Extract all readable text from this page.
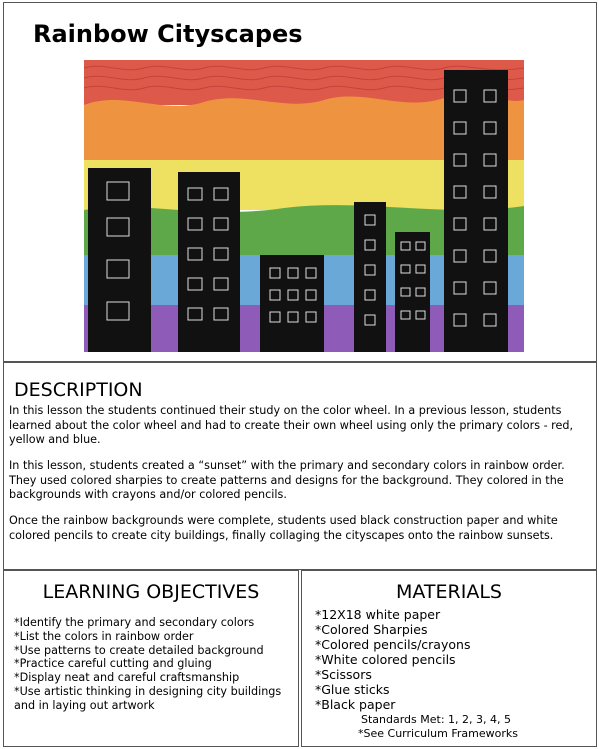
Rainbow Cityscapes
DESCRIPTION
In this lesson the students continued their study on the color wheel. In a previous lesson, students learned about the color wheel and had to create their own wheel using only the primary colors - red, yellow and blue.
In this lesson, students created a “sunset” with the primary and secondary colors in rainbow order. They used colored sharpies to create patterns and designs for the background. They colored in the backgrounds with crayons and/or colored pencils.
Once the rainbow backgrounds were complete, students used black construction paper and white colored pencils to create city buildings, finally collaging the cityscapes onto the rainbow sunsets.
LEARNING OBJECTIVES
*Identify the primary and secondary colors
*List the colors in rainbow order
*Use patterns to create detailed background
*Practice careful cutting and gluing
*Display neat and careful craftsmanship
*Use artistic thinking in designing city buildings
and in laying out artwork
MATERIALS
*12X18 white paper
*Colored Sharpies
*Colored pencils/crayons
*White colored pencils
*Scissors
*Glue sticks
*Black paper
Standards Met: 1, 2, 3, 4, 5
*See Curriculum Frameworks
